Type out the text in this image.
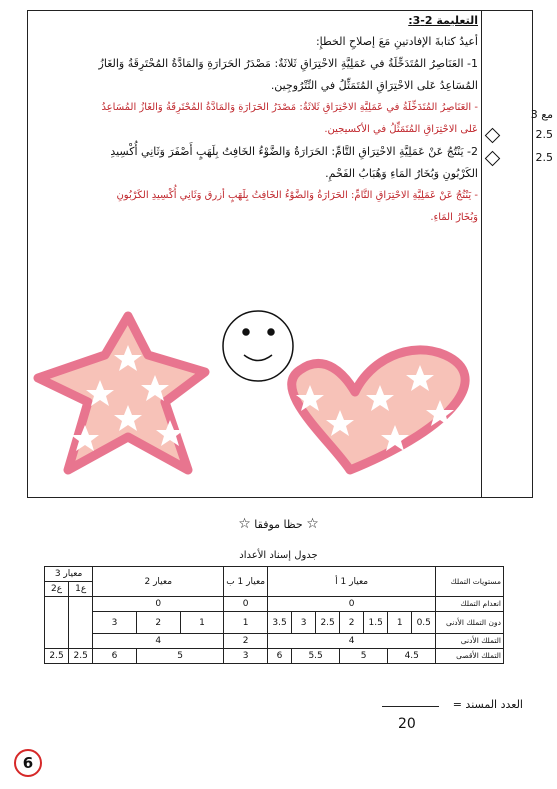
التعليمة 2-3:
أعيدُ كتابةَ الإفادتينِ مَعَ إصلاحِ الخطإِ:
1- العَنَاصِرُ المُتَدَخِّلَةُ في عَمَلِيَّةِ الاحْتِرَاقِ ثَلاثَةٌ: مَصْدَرُ الحَرَارَةِ وَالمَادَّةُ المُحْتَرِقَةُ وَالغَازُ
المُسَاعِدُ عَلى الاحْتِرَاقِ المُتَمَثِّلُ في النِّتْرُوجِين.
- العَنَاصِرُ المُتَدَخِّلَةُ في عَمَلِيَّةِ الاحْتِرَاقِ ثَلاثَةٌ: مَصْدَرُ الحَرَارَةِ وَالمَادَّةُ المُحْتَرِقَةُ وَالغَازُ المُسَاعِدُ
عَلى الاحْتِرَاقِ المُتَمَثِّلُ في الأكسيجين.
2- يَنْتُجُ عَنْ عَمَلِيَّةِ الاحْتِرَاقِ التَّامِّ: الحَرَارَةُ وَالضَّوْءُ الخَافِتُ بِلَهَبٍ أَصْفَرَ وَثَانِي أُكْسِيدِ
الكَرْبُونِ وَبُخَارُ المَاءِ وَهُبَابُ الفَحْمِ.
- يَنْتُجُ عَنْ عَمَلِيَّةِ الاحْتِرَاقِ التَّامِّ: الحَرَارَةُ وَالضَّوْءُ الخَافِتُ بِلَهَبٍ أزرق وَثَانِي أُكْسِيدِ الكَرْبُونِ
وَبُخَارُ المَاءِ.
مع 3
2.5
2.5
☆ حظا موفقا ☆
جدول إسناد الأعداد
مستويات التملك	معيار 1 أ							معيار 1 ب	معيار 2			معيار 3	
												ع1	ع2
انعدام التملك	0							0	0				
دون التملك الأدنى	0.5	1	1.5	2	2.5	3	3.5	1	1	2	3		
التملك الأدنى	4							2	4				
التملك الأقصى	4.5		5		5.5		6	3	5		6	2.5	2.5
العدد المسند =
20
6
